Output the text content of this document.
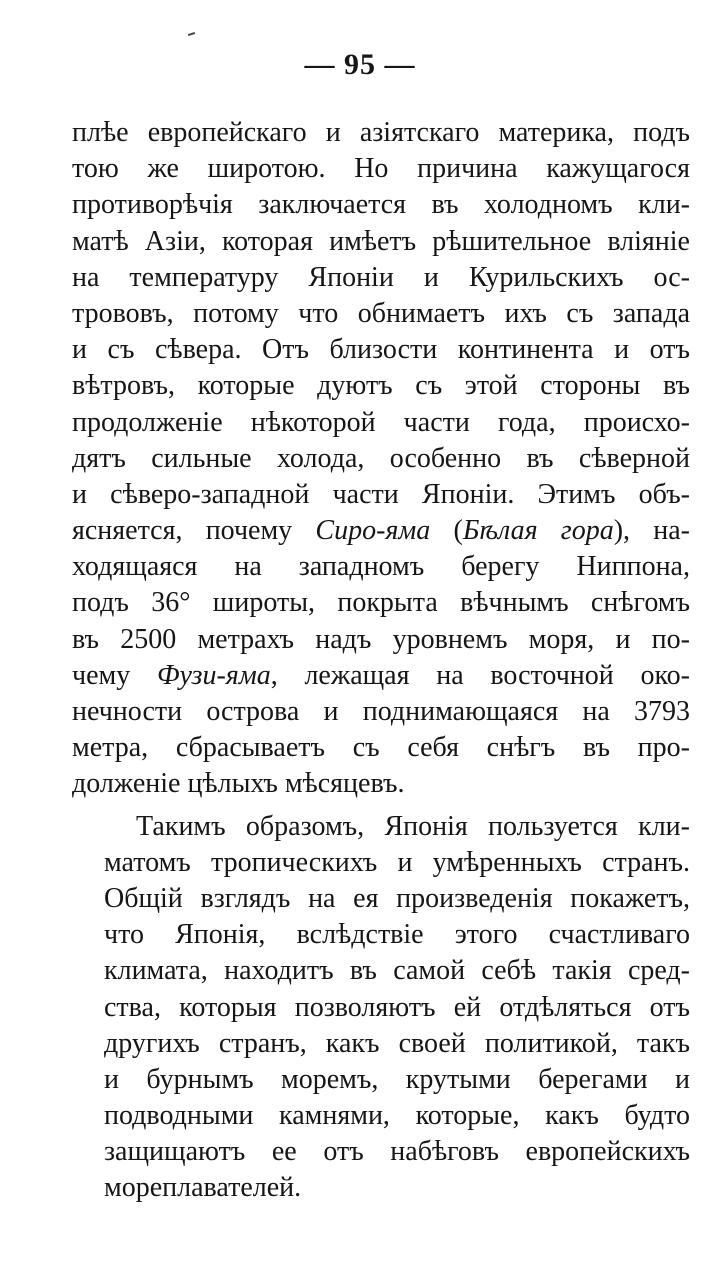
— 95 —
плѣе европейскаго и азіятскаго материка, подъ
тою же широтою. Но причина кажущагося
противорѣчія заключается въ холодномъ кли-
матѣ Азіи, которая имѣетъ рѣшительное вліяніе
на температуру Японіи и Курильскихъ ос-
трововъ, потому что обнимаетъ ихъ съ запада
и съ сѣвера. Отъ близости континента и отъ
вѣтровъ, которые дуютъ съ этой стороны въ
продолженіе нѣкоторой части года, происхо-
дятъ сильные холода, особенно въ сѣверной
и сѣверо-западной части Японіи. Этимъ объ-
ясняется, почему Сиро-яма (Бѣлая гора), на-
ходящаяся на западномъ берегу Ниппона,
подъ 36° широты, покрыта вѣчнымъ снѣгомъ
въ 2500 метрахъ надъ уровнемъ моря, и по-
чему Фузи-яма, лежащая на восточной око-
нечности острова и поднимающаяся на 3793
метра, сбрасываетъ съ себя снѣгъ въ про-
долженіе цѣлыхъ мѣсяцевъ.
Такимъ образомъ, Японія пользуется кли-
матомъ тропическихъ и умѣренныхъ странъ.
Общій взглядъ на ея произведенія покажетъ,
что Японія, вслѣдствіе этого счастливаго
климата, находитъ въ самой себѣ такія сред-
ства, которыя позволяютъ ей отдѣляться отъ
другихъ странъ, какъ своей политикой, такъ
и бурнымъ моремъ, крутыми берегами и
подводными камнями, которые, какъ будто
защищаютъ ее отъ набѣговъ европейскихъ
мореплавателей.
